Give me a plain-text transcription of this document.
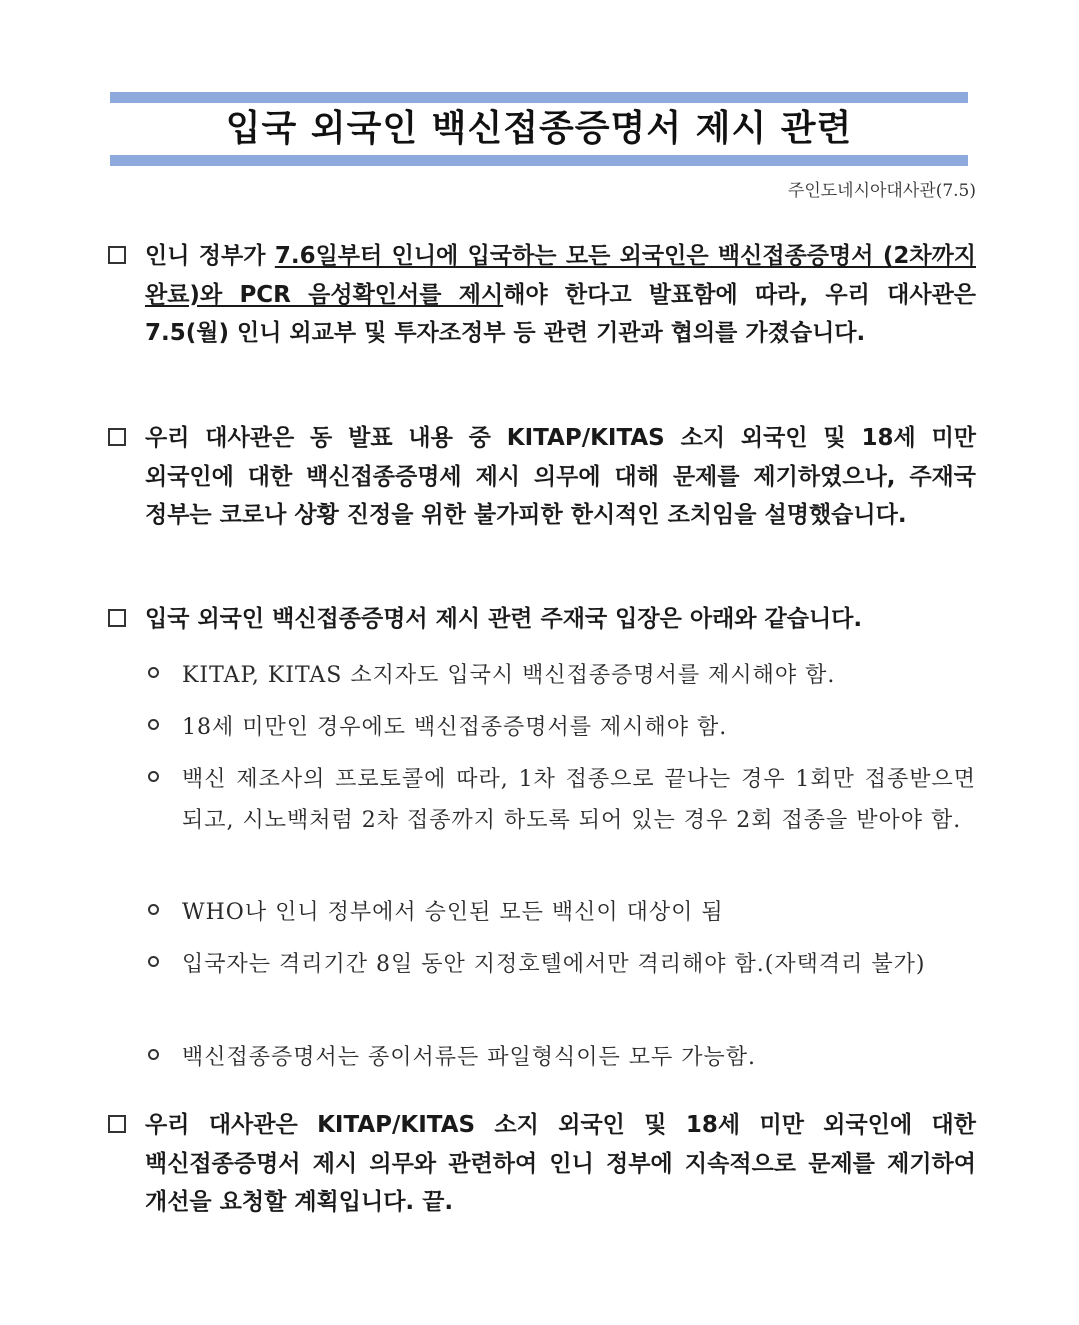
입국 외국인 백신접종증명서 제시 관련
주인도네시아대사관(7.5)
인니 정부가 7.6일부터 인니에 입국하는 모든 외국인은 백신접종증명서 (2차까지 완료)와 PCR 음성확인서를 제시해야 한다고 발표함에 따라, 우리 대사관은 7.5(월) 인니 외교부 및 투자조정부 등 관련 기관과 협의를 가졌습니다.
우리 대사관은 동 발표 내용 중 KITAP/KITAS 소지 외국인 및 18세 미만 외국인에 대한 백신접종증명세 제시 의무에 대해 문제를 제기하였으나, 주재국 정부는 코로나 상황 진정을 위한 불가피한 한시적인 조치임을 설명했습니다.
입국 외국인 백신접종증명서 제시 관련 주재국 입장은 아래와 같습니다.
KITAP, KITAS 소지자도 입국시 백신접종증명서를 제시해야 함.
18세 미만인 경우에도 백신접종증명서를 제시해야 함.
백신 제조사의 프로토콜에 따라, 1차 접종으로 끝나는 경우 1회만 접종받으면 되고, 시노백처럼 2차 접종까지 하도록 되어 있는 경우 2회 접종을 받아야 함.
WHO나 인니 정부에서 승인된 모든 백신이 대상이 됨
입국자는 격리기간 8일 동안 지정호텔에서만 격리해야 함.(자택격리 불가)
백신접종증명서는 종이서류든 파일형식이든 모두 가능함.
우리 대사관은 KITAP/KITAS 소지 외국인 및 18세 미만 외국인에 대한 백신접종증명서 제시 의무와 관련하여 인니 정부에 지속적으로 문제를 제기하여 개선을 요청할 계획입니다. 끝.
